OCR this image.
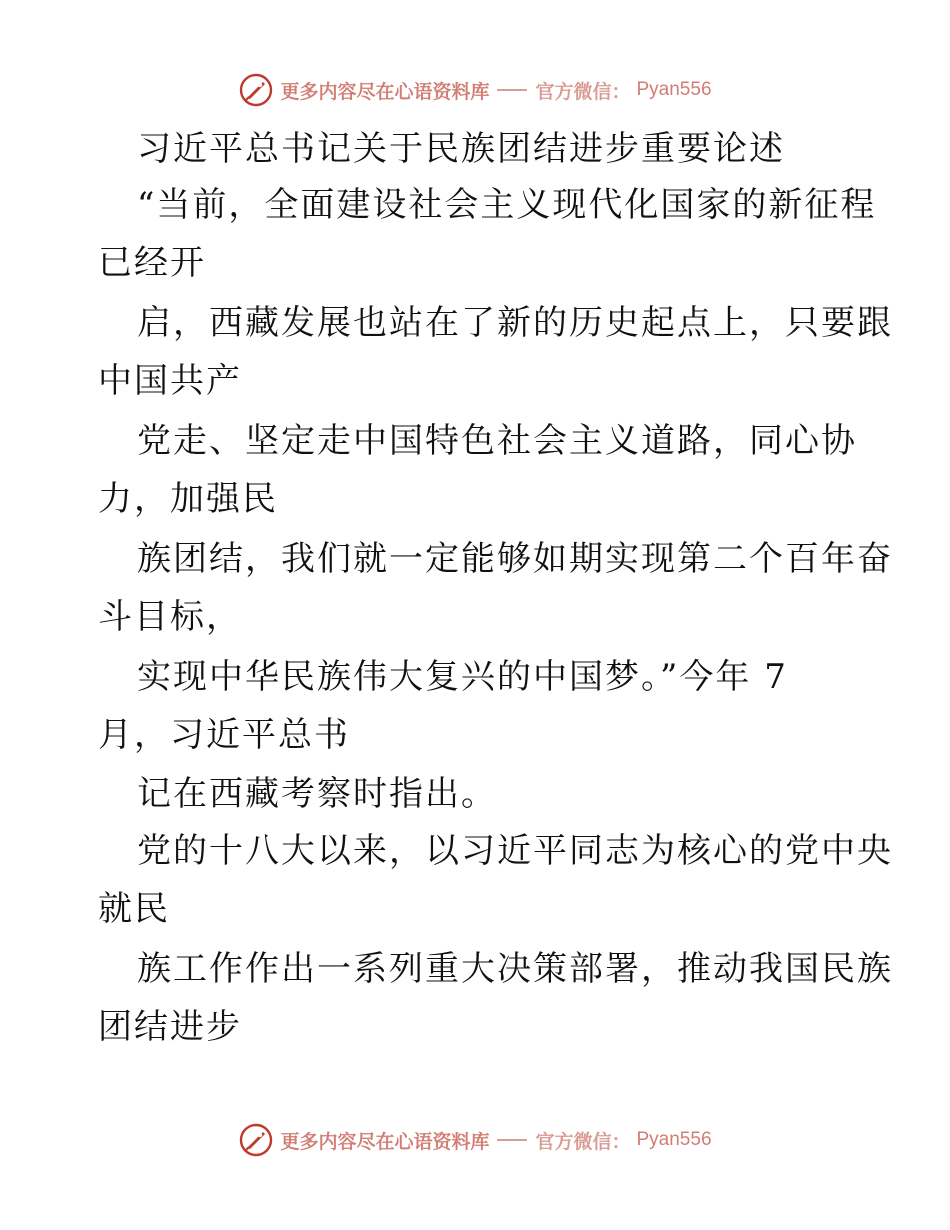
更多内容尽在心语资料库 官方微信： Pyan556
习近平总书记关于民族团结进步重要论述
“当前，全面建设社会主义现代化国家的新征程
已经开
启，西藏发展也站在了新的历史起点上，只要跟
中国共产
党走、坚定走中国特色社会主义道路，同心协
力，加强民
族团结，我们就一定能够如期实现第二个百年奋
斗目标，
实现中华民族伟大复兴的中国梦。”今年 7
月，习近平总书
记在西藏考察时指出。
党的十八大以来，以习近平同志为核心的党中央
就民
族工作作出一系列重大决策部署，推动我国民族
团结进步
更多内容尽在心语资料库 官方微信： Pyan556
